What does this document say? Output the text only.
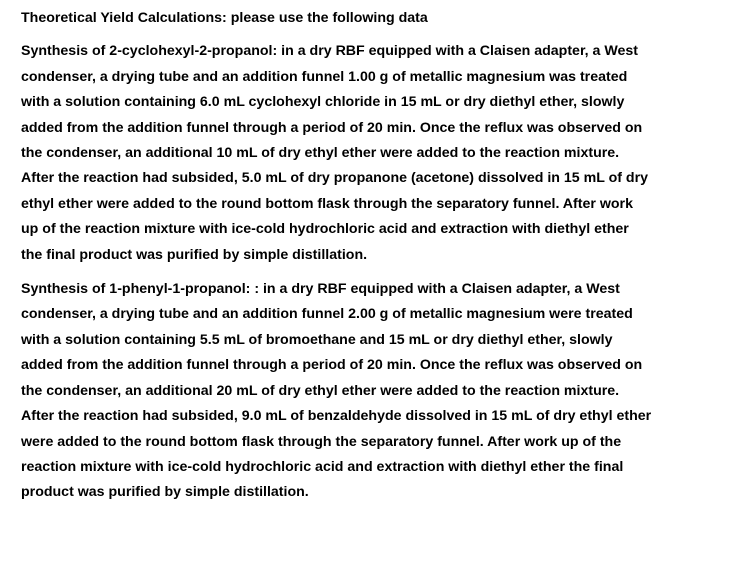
Theoretical Yield Calculations: please use the following data
Synthesis of 2-cyclohexyl-2-propanol: in a dry RBF equipped with a Claisen adapter, a West
condenser, a drying tube and an addition funnel 1.00 g of metallic magnesium was treated
with a solution containing 6.0 mL cyclohexyl chloride in 15 mL or dry diethyl ether, slowly
added from the addition funnel through a period of 20 min. Once the reflux was observed on
the condenser, an additional 10 mL of dry ethyl ether were added to the reaction mixture.
After the reaction had subsided, 5.0 mL of dry propanone (acetone) dissolved in 15 mL of dry
ethyl ether were added to the round bottom flask through the separatory funnel. After work
up of the reaction mixture with ice-cold hydrochloric acid and extraction with diethyl ether
the final product was purified by simple distillation.
Synthesis of 1-phenyl-1-propanol: : in a dry RBF equipped with a Claisen adapter, a West
condenser, a drying tube and an addition funnel 2.00 g of metallic magnesium were treated
with a solution containing 5.5 mL of bromoethane and 15 mL or dry diethyl ether, slowly
added from the addition funnel through a period of 20 min. Once the reflux was observed on
the condenser, an additional 20 mL of dry ethyl ether were added to the reaction mixture.
After the reaction had subsided, 9.0 mL of benzaldehyde dissolved in 15 mL of dry ethyl ether
were added to the round bottom flask through the separatory funnel. After work up of the
reaction mixture with ice-cold hydrochloric acid and extraction with diethyl ether the final
product was purified by simple distillation.
